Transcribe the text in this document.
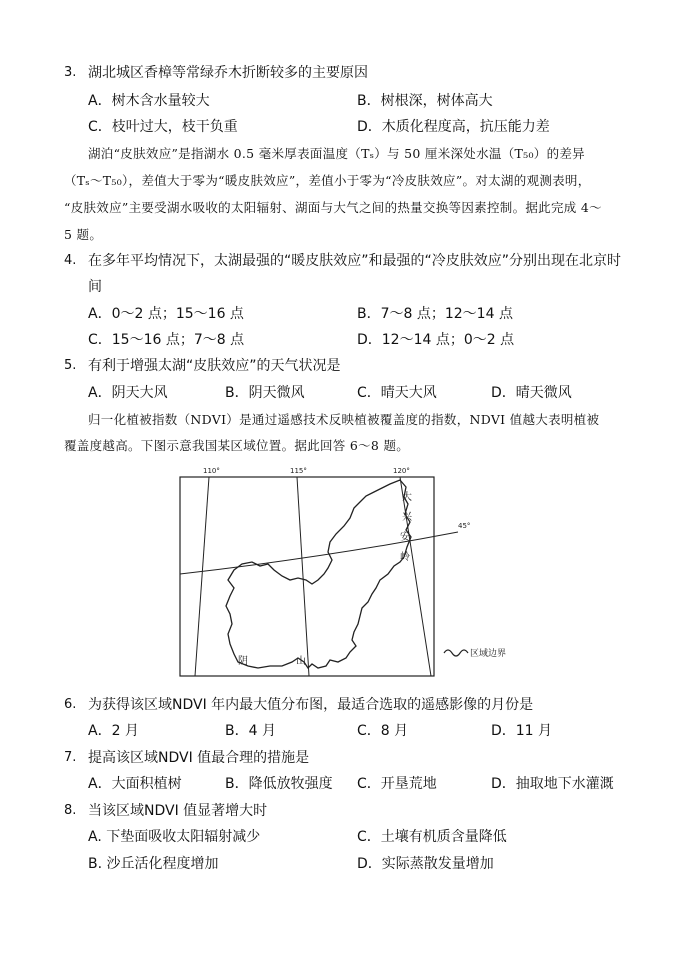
3. 湖北城区香樟等常绿乔木折断较多的主要原因
A．树木含水量较大	B．树根深，树体高大
C．枝叶过大，枝干负重	D．木质化程度高，抗压能力差
湖泊“皮肤效应”是指湖水 0.5 毫米厚表面温度（Tₛ）与 50 厘米深处水温（T₅₀）的差异
（Tₛ～T₅₀），差值大于零为“暖皮肤效应”，差值小于零为“冷皮肤效应”。对太湖的观测表明，
“皮肤效应”主要受湖水吸收的太阳辐射、湖面与大气之间的热量交换等因素控制。据此完成 4～
5 题。
4. 在多年平均情况下，太湖最强的“暖皮肤效应”和最强的“冷皮肤效应”分别出现在北京时
间
A．0～2 点；15～16 点	B．7～8 点；12～14 点
C．15～16 点；7～8 点	D．12～14 点；0～2 点
5. 有利于增强太湖“皮肤效应”的天气状况是
A．阴天大风	B．阴天微风	C．晴天大风	D．晴天微风
归一化植被指数（NDVI）是通过遥感技术反映植被覆盖度的指数，NDVI 值越大表明植被
覆盖度越高。下图示意我国某区域位置。据此回答 6～8 题。
110°	115°	120°
45°
大
兴
安
岭
阴	山
区域边界
6. 为获得该区域NDVI 年内最大值分布图，最适合选取的遥感影像的月份是
A．2 月	B．4 月	C．8 月	D．11 月
7. 提高该区域NDVI 值最合理的措施是
A．大面积植树	B．降低放牧强度 C．开垦荒地	D．抽取地下水灌溉
8. 当该区域NDVI 值显著增大时
A. 下垫面吸收太阳辐射减少	C．土壤有机质含量降低
B. 沙丘活化程度增加	D．实际蒸散发量增加
